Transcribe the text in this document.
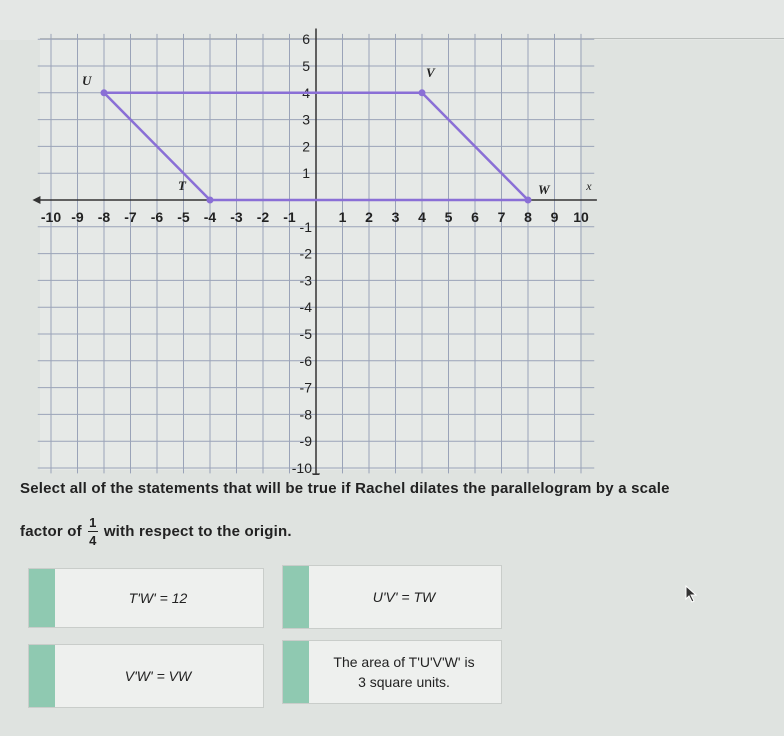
-10 -9 -8 -7 -6 -5 -4 -3 -2 -1	1 2 3 4 5 6 7 8 9 10
x
1
2
3
4
5
6
-1
-2
-3
-4
-5
-6
-7
-8
-9
-10
U
V
W
T
Select all of the statements that will be true if Rachel dilates the parallelogram by a scale
factor of $\frac{1}{4}$ with respect to the origin.
T'W' = 12	U'V' = TW
V'W' = VW
The area of T'U'V'W' is
3 square units.
